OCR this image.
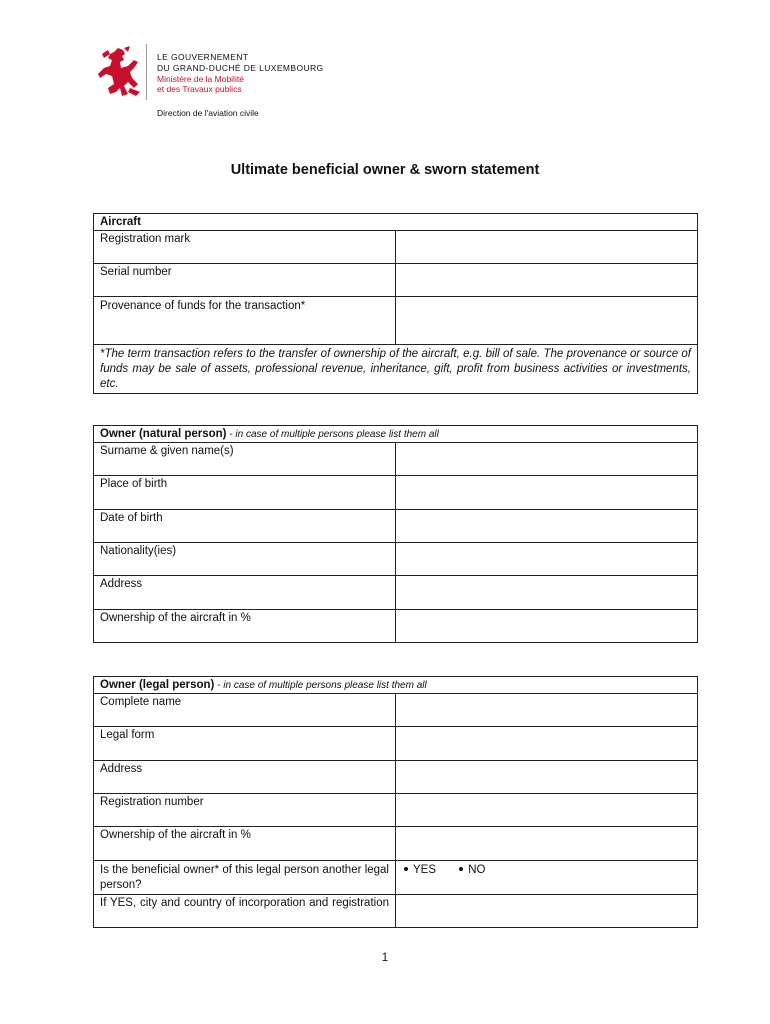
LE GOUVERNEMENT
DU GRAND-DUCHÉ DE LUXEMBOURG
Ministère de la Mobilité
et des Travaux publics
Direction de l'aviation civile
Ultimate beneficial owner & sworn statement
Aircraft	
Registration mark	
Serial number	
Provenance of funds for the transaction*	
*The term transaction refers to the transfer of ownership of the aircraft, e.g. bill of sale. The provenance or source of funds may be sale of assets, professional revenue, inheritance, gift, profit from business activities or investments, etc.	
Owner (natural person) - in case of multiple persons please list them all	
Surname & given name(s)	
Place of birth	
Date of birth	
Nationality(ies)	
Address	
Ownership of the aircraft in %	
Owner (legal person) - in case of multiple persons please list them all	
Complete name	
Legal form	
Address	
Registration number	
Ownership of the aircraft in %	
Is the beneficial owner* of this legal person another legal person?	YES NO
If YES, city and country of incorporation and registration	
1
